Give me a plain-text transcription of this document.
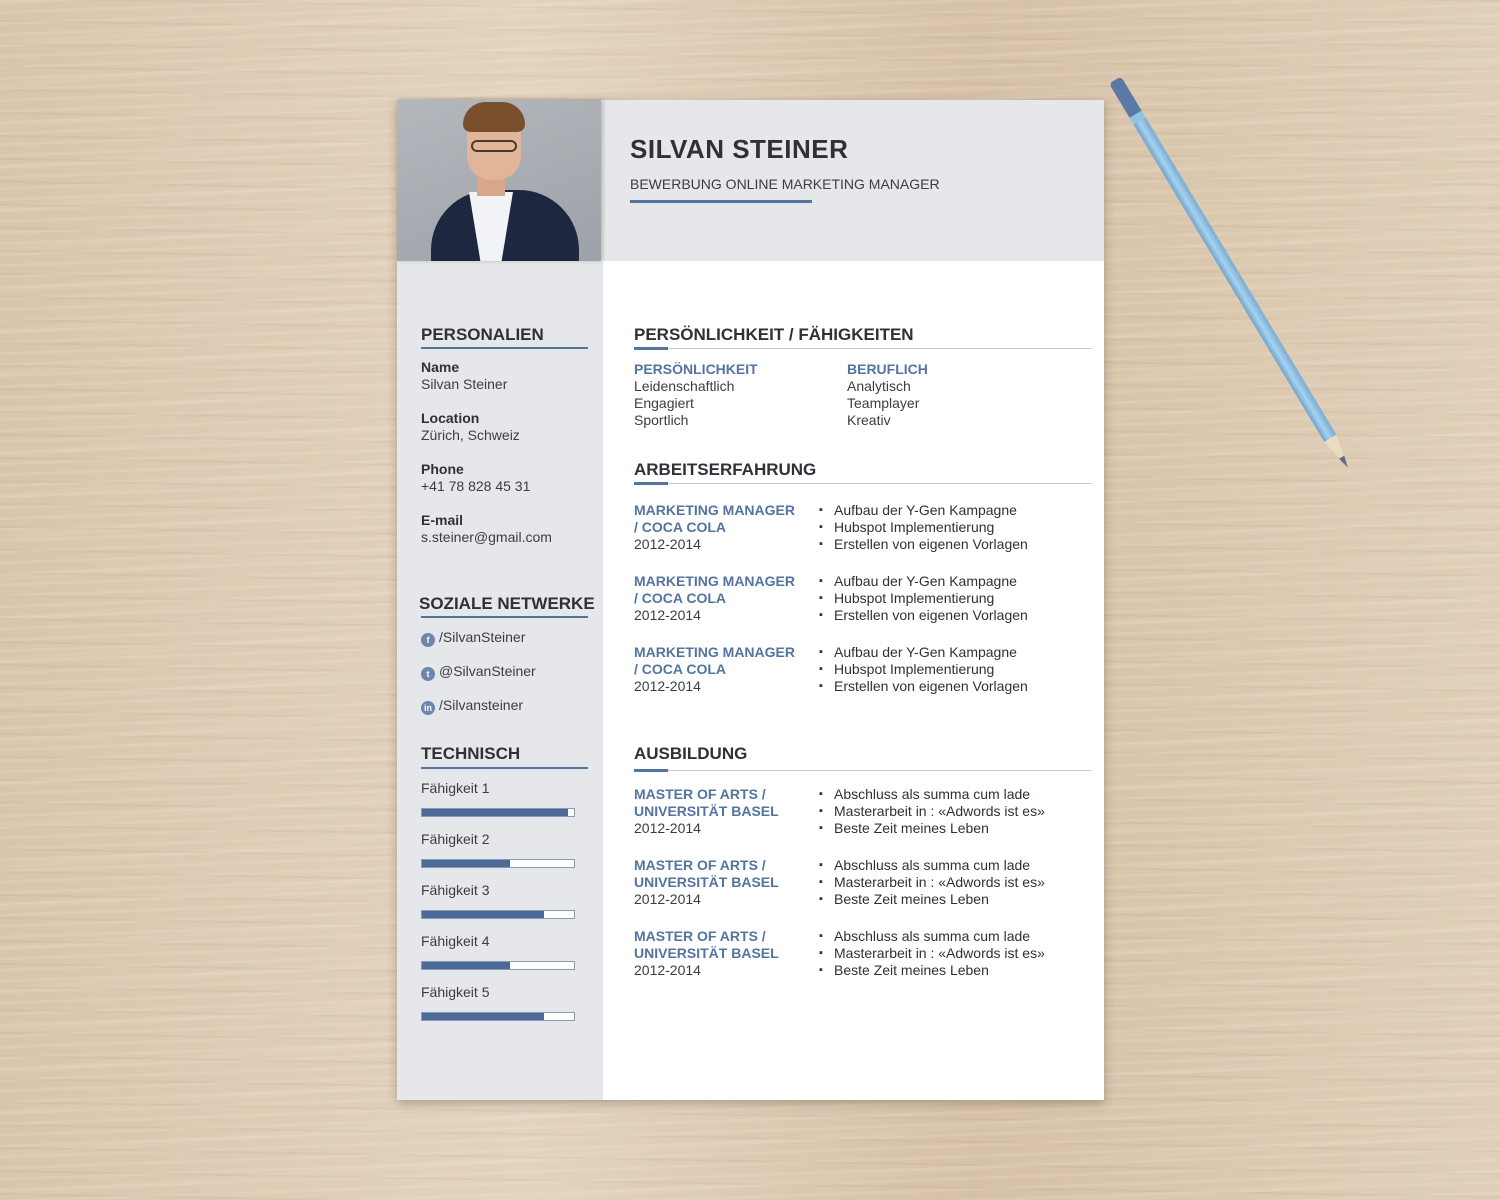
SILVAN STEINER
BEWERBUNG ONLINE MARKETING MANAGER
PERSONALIEN
Name
Silvan Steiner
Location
Zürich, Schweiz
Phone
+41 78 828 45 31
E-mail
s.steiner@gmail.com
SOZIALE NETWERKE
f /SilvanSteiner
t @SilvanSteiner
in /Silvansteiner
TECHNISCH
Fähigkeit 1
Fähigkeit 2
Fähigkeit 3
Fähigkeit 4
Fähigkeit 5
PERSÖNLICHKEIT / FÄHIGKEITEN
PERSÖNLICHKEIT
Leidenschaftlich
Engagiert
Sportlich
BERUFLICH
Analytisch
Teamplayer
Kreativ
ARBEITSERFAHRUNG
MARKETING MANAGER
/ COCA COLA
2012-2014
▪ Aufbau der Y-Gen Kampagne
▪ Hubspot Implementierung
▪ Erstellen von eigenen Vorlagen
MARKETING MANAGER
/ COCA COLA
2012-2014
▪ Aufbau der Y-Gen Kampagne
▪ Hubspot Implementierung
▪ Erstellen von eigenen Vorlagen
MARKETING MANAGER
/ COCA COLA
2012-2014
▪ Aufbau der Y-Gen Kampagne
▪ Hubspot Implementierung
▪ Erstellen von eigenen Vorlagen
AUSBILDUNG
MASTER OF ARTS /
UNIVERSITÄT BASEL
2012-2014
▪ Abschluss als summa cum lade
▪ Masterarbeit in : «Adwords ist es»
▪ Beste Zeit meines Leben
MASTER OF ARTS /
UNIVERSITÄT BASEL
2012-2014
▪ Abschluss als summa cum lade
▪ Masterarbeit in : «Adwords ist es»
▪ Beste Zeit meines Leben
MASTER OF ARTS /
UNIVERSITÄT BASEL
2012-2014
▪ Abschluss als summa cum lade
▪ Masterarbeit in : «Adwords ist es»
▪ Beste Zeit meines Leben
